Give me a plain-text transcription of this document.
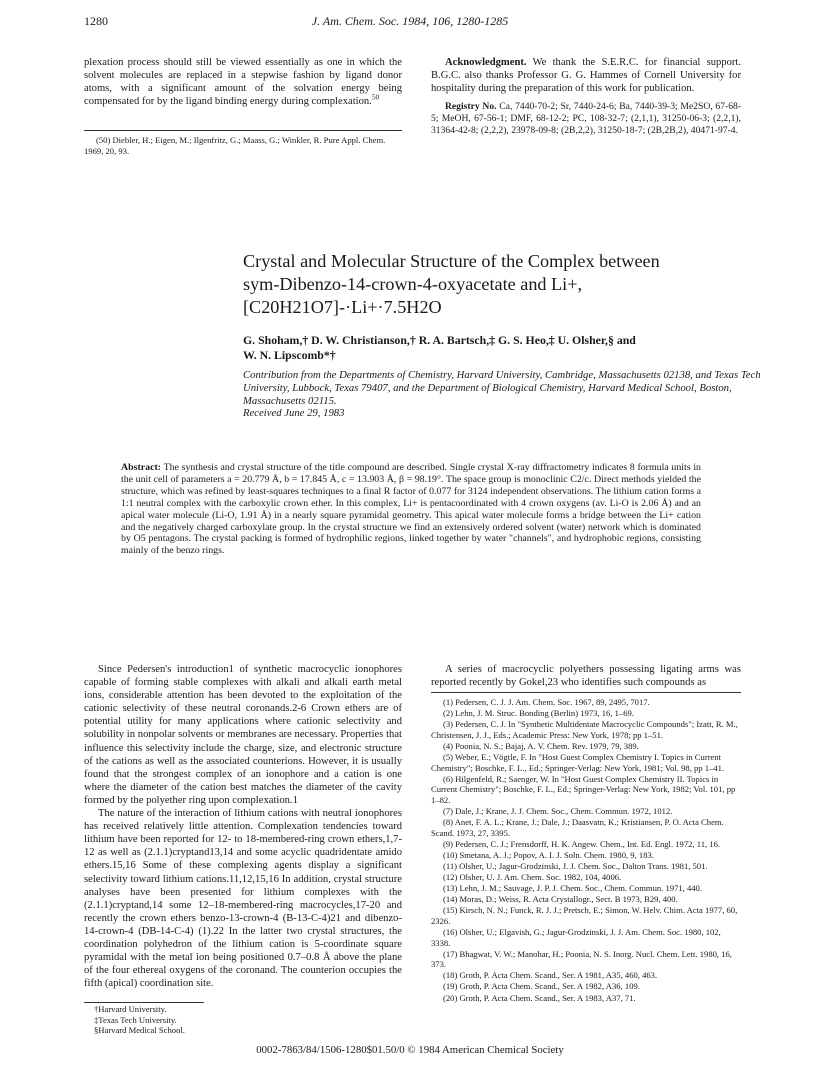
1280	J. Am. Chem. Soc. 1984, 106, 1280-1285

plexation process should still be viewed essentially as one in which the solvent molecules are replaced in a stepwise fashion by ligand donor atoms, with a significant amount of the solvation energy being compensated for by the ligand binding energy during complexation.$^{50}$

(50) Diebler, H.; Eigen, M.; Ilgenfritz, G.; Maass, G.; Winkler, R. Pure Appl. Chem. 1969, 20, 93.

Acknowledgment. We thank the S.E.R.C. for financial support. B.G.C. also thanks Professor G. G. Hammes of Cornell University for hospitality during the preparation of this work for publication.

Registry No. Ca, 7440-70-2; Sr, 7440-24-6; Ba, 7440-39-3; Me2SO, 67-68-5; MeOH, 67-56-1; DMF, 68-12-2; PC, 108-32-7; (2,1,1), 31250-06-3; (2,2,1), 31364-42-8; (2,2,2), 23978-09-8; (2B,2,2), 31250-18-7; (2B,2B,2), 40471-97-4.

Crystal and Molecular Structure of the Complex between
sym-Dibenzo-14-crown-4-oxyacetate and Li+,
[C20H21O7]-·Li+·7.5H2O
G. Shoham,† D. W. Christianson,† R. A. Bartsch,‡ G. S. Heo,‡ U. Olsher,§ and
W. N. Lipscomb*†
Contribution from the Departments of Chemistry, Harvard University, Cambridge, Massachusetts 02138, and Texas Tech University, Lubbock, Texas 79407, and the Department of Biological Chemistry, Harvard Medical School, Boston, Massachusetts 02115.
Received June 29, 1983
Abstract: The synthesis and crystal structure of the title compound are described. Single crystal X-ray diffractometry indicates 8 formula units in the unit cell of parameters a = 20.779 Å, b = 17.845 Å, c = 13.903 Å, β = 98.19°. The space group is monoclinic C2/c. Direct methods yielded the structure, which was refined by least-squares techniques to a final R factor of 0.077 for 3124 independent observations. The lithium cation forms a 1:1 neutral complex with the carboxylic crown ether. In this complex, Li+ is pentacoordinated with 4 crown oxygens (av. Li-O is 2.06 Å) and an apical water molecule (Li-O, 1.91 Å) in a nearly square pyramidal geometry. This apical water molecule forms a bridge between the Li+ cation and the negatively charged carboxylate group. In the crystal structure we find an extensively ordered solvent (water) network which is dominated by O5 pentagons. The crystal packing is formed of hydrophilic regions, linked together by water "channels", and hydrophobic regions, consisting mainly of the benzo rings.

Since Pedersen's introduction1 of synthetic macrocyclic ionophores capable of forming stable complexes with alkali and alkali earth metal ions, considerable attention has been devoted to the exploitation of the cationic selectivity of these neutral coronands.2-6 Crown ethers are of potential utility for many applications where cationic selectivity and solubility in nonpolar solvents or membranes are necessary. Properties that influence this selectivity include the charge, size, and electronic structure of the cations as well as the associated counterions. However, it is usually found that the strongest complex of an ionophore and a cation is one where the diameter of the cation best matches the diameter of the cavity formed by the polyether ring upon complexation.1

The nature of the interaction of lithium cations with neutral ionophores has received relatively little attention. Complexation tendencies toward lithium have been reported for 12- to 18-membered-ring crown ethers,1,7-12 as well as (2.1.1)cryptand13,14 and some acyclic quadridentate amido ethers.15,16 Some of these complexing agents display a significant selectivity toward lithium cations.11,12,15,16 In addition, crystal structure analyses have been presented for lithium complexes with the (2.1.1)cryptand,14 some 12–18-membered-ring macrocycles,17-20 and recently the crown ethers benzo-13-crown-4 (B-13-C-4)21 and dibenzo-14-crown-4 (DB-14-C-4) (1).22 In the latter two crystal structures, the coordination polyhedron of the lithium cation is 5-coordinate square pyramidal with the metal ion being positioned 0.7–0.8 Å above the plane of the four ethereal oxygens of the coronand. The counterion occupies the fifth (apical) coordination site.

†Harvard University.
‡Texas Tech University.
§Harvard Medical School.

A series of macrocyclic polyethers possessing ligating arms was reported recently by Gokel,23 who identifies such compounds as

(1) Pedersen, C. J. J. Am. Chem. Soc. 1967, 89, 2495, 7017.

(2) Lehn, J. M. Struc. Bonding (Berlin) 1973, 16, 1–69.

(3) Pedersen, C. J. In "Synthetic Multidentate Macrocyclic Compounds"; Izatt, R. M., Christensen, J. J., Eds.; Academic Press: New York, 1978; pp 1–51.

(4) Poonia, N. S.; Bajaj, A. V. Chem. Rev. 1979, 79, 389.

(5) Weber, E.; Vögtle, F. In "Host Guest Complex Chemistry I. Topics in Current Chemistry"; Boschke, F. L., Ed.; Springer-Verlag: New York, 1981; Vol. 98, pp 1–41.

(6) Hilgenfeld, R.; Saenger, W. In "Host Guest Complex Chemistry II. Topics in Current Chemistry"; Boschke, F. L., Ed.; Springer-Verlag: New York, 1982; Vol. 101, pp 1–82.

(7) Dale, J.; Krane, J. J. Chem. Soc., Chem. Commun. 1972, 1012.

(8) Anet, F. A. L.; Krane, J.; Dale, J.; Daasvatn, K.; Kristiansen, P. O. Acta Chem. Scand. 1973, 27, 3395.

(9) Pedersen, C. J.; Frensdorff, H. K. Angew. Chem., Int. Ed. Engl. 1972, 11, 16.

(10) Smetana, A. J.; Popov, A. I. J. Soln. Chem. 1980, 9, 183.

(11) Olsher, U.; Jagur-Grodzinski, J. J. Chem. Soc., Dalton Trans. 1981, 501.

(12) Olsher, U. J. Am. Chem. Soc. 1982, 104, 4006.

(13) Lehn, J. M.; Sauvage, J. P. J. Chem. Soc., Chem. Commun. 1971, 440.

(14) Moras, D.; Weiss, R. Acta Crystallogr., Sect. B 1973, B29, 400.

(15) Kirsch, N. N.; Funck, R. J. J.; Pretsch, E.; Simon, W. Helv. Chim. Acta 1977, 60, 2326.

(16) Olsher, U.; Elgavish, G.; Jagur-Grodzinski, J. J. Am. Chem. Soc. 1980, 102, 3338.

(17) Bhagwat, V. W.; Manohar, H.; Poonia, N. S. Inorg. Nucl. Chem. Lett. 1980, 16, 373.

(18) Groth, P. Acta Chem. Scand., Ser. A 1981, A35, 460, 463.

(19) Groth, P. Acta Chem. Scand., Ser. A 1982, A36, 109.

(20) Groth, P. Acta Chem. Scand., Ser. A 1983, A37, 71.

0002-7863/84/1506-1280$01.50/0 © 1984 American Chemical Society
